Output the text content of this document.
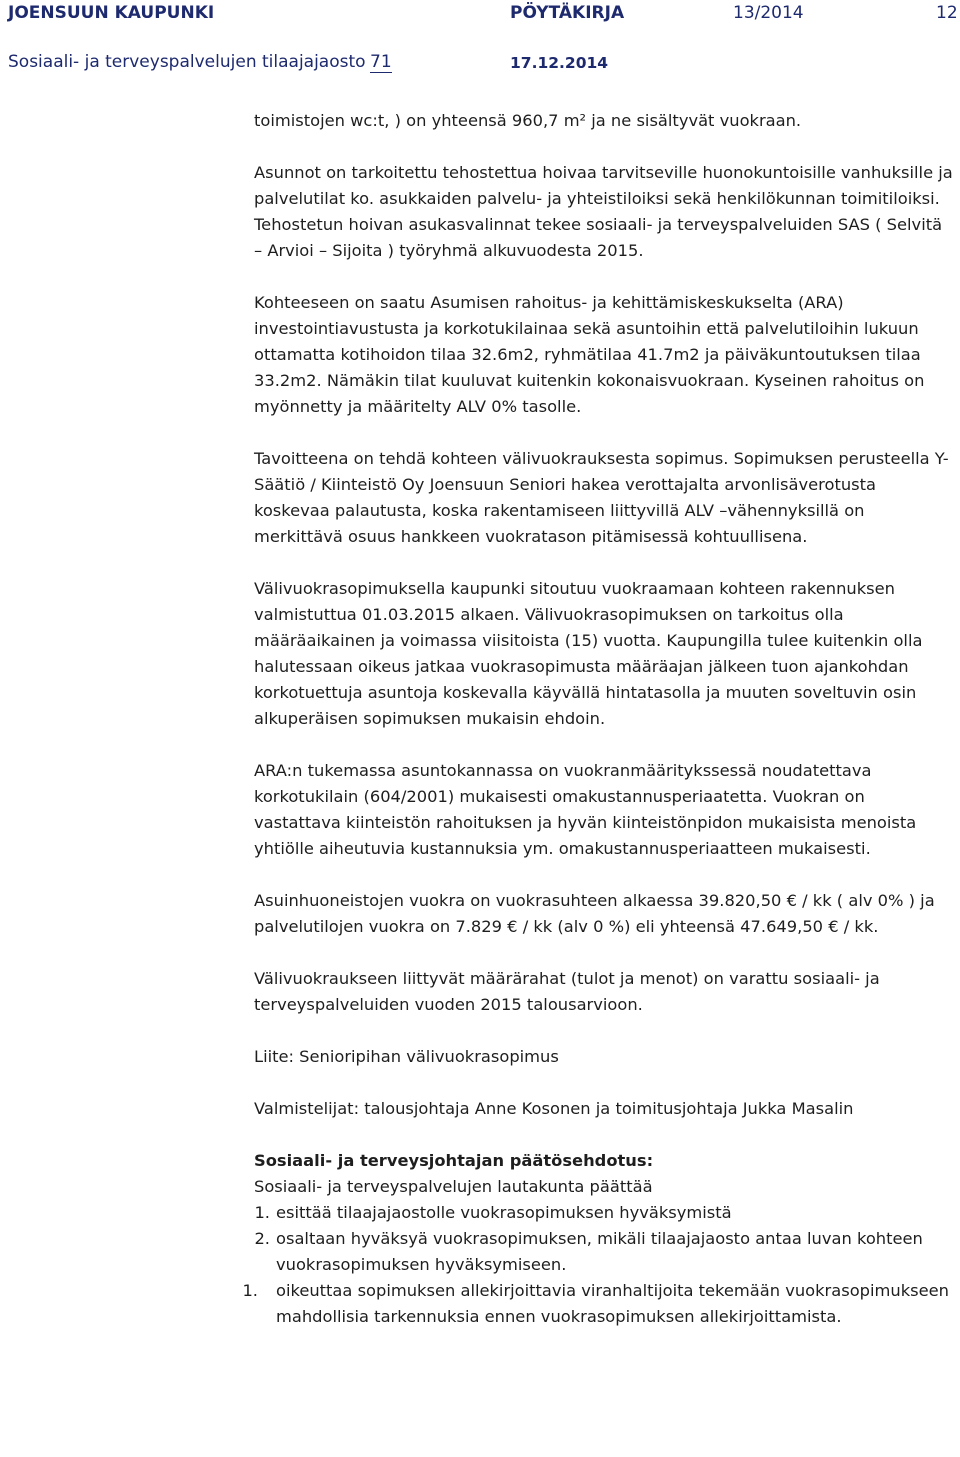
JOENSUUN KAUPUNKI	PÖYTÄKIRJA	13/2014	12
Sosiaali- ja terveyspalvelujen tilaajajaosto 71	17.12.2014

toimistojen wc:t, ) on yhteensä 960,7 m² ja ne sisältyvät vuokraan.

Asunnot on tarkoitettu tehostettua hoivaa tarvitseville huonokuntoisille vanhuksille ja palvelutilat ko. asukkaiden palvelu- ja yhteistiloiksi sekä henkilökunnan toimitiloiksi. Tehostetun hoivan asukasvalinnat tekee sosiaali- ja terveyspalveluiden SAS ( Selvitä – Arvioi – Sijoita ) työryhmä alkuvuodesta 2015.

Kohteeseen on saatu Asumisen rahoitus- ja kehittämiskeskukselta (ARA) investointiavustusta ja korkotukilainaa sekä asuntoihin että palvelutiloihin lukuun ottamatta kotihoidon tilaa 32.6m2, ryhmätilaa 41.7m2 ja päiväkuntoutuksen tilaa 33.2m2. Nämäkin tilat kuuluvat kuitenkin kokonaisvuokraan. Kyseinen rahoitus on myönnetty ja määritelty ALV 0% tasolle.

Tavoitteena on tehdä kohteen välivuokrauksesta sopimus. Sopimuksen perusteella Y-Säätiö / Kiinteistö Oy Joensuun Seniori hakea verottajalta arvonlisäverotusta koskevaa palautusta, koska rakentamiseen liittyvillä ALV –vähennyksillä on merkittävä osuus hankkeen vuokratason pitämisessä kohtuullisena.

Välivuokrasopimuksella kaupunki sitoutuu vuokraamaan kohteen rakennuksen valmistuttua 01.03.2015 alkaen. Välivuokrasopimuksen on tarkoitus olla määräaikainen ja voimassa viisitoista (15) vuotta. Kaupungilla tulee kuitenkin olla halutessaan oikeus jatkaa vuokrasopimusta määräajan jälkeen tuon ajankohdan korkotuettuja asuntoja koskevalla käyvällä hintatasolla ja muuten soveltuvin osin alkuperäisen sopimuksen mukaisin ehdoin.

ARA:n tukemassa asuntokannassa on vuokranmääritykssessä noudatettava korkotukilain (604/2001) mukaisesti omakustannusperiaatetta. Vuokran on vastattava kiinteistön rahoituksen ja hyvän kiinteistönpidon mukaisista menoista yhtiölle aiheutuvia kustannuksia ym. omakustannusperiaatteen mukaisesti.

Asuinhuoneistojen vuokra on vuokrasuhteen alkaessa 39.820,50 € / kk ( alv 0% ) ja palvelutilojen vuokra on 7.829 € / kk (alv 0 %) eli yhteensä 47.649,50 € / kk.

Välivuokraukseen liittyvät määrärahat (tulot ja menot) on varattu sosiaali- ja terveyspalveluiden vuoden 2015 talousarvioon.

Liite: Senioripihan välivuokrasopimus

Valmistelijat: talousjohtaja Anne Kosonen ja toimitusjohtaja Jukka Masalin

Sosiaali- ja terveysjohtajan päätösehdotus:

Sosiaali- ja terveyspalvelujen lautakunta päättää

1. esittää tilaajajaostolle vuokrasopimuksen hyväksymistä
2. osaltaan hyväksyä vuokrasopimuksen, mikäli tilaajajaosto antaa luvan kohteen vuokrasopimuksen hyväksymiseen.
1. oikeuttaa sopimuksen allekirjoittavia viranhaltijoita tekemään vuokrasopimukseen mahdollisia tarkennuksia ennen vuokrasopimuksen allekirjoittamista.
